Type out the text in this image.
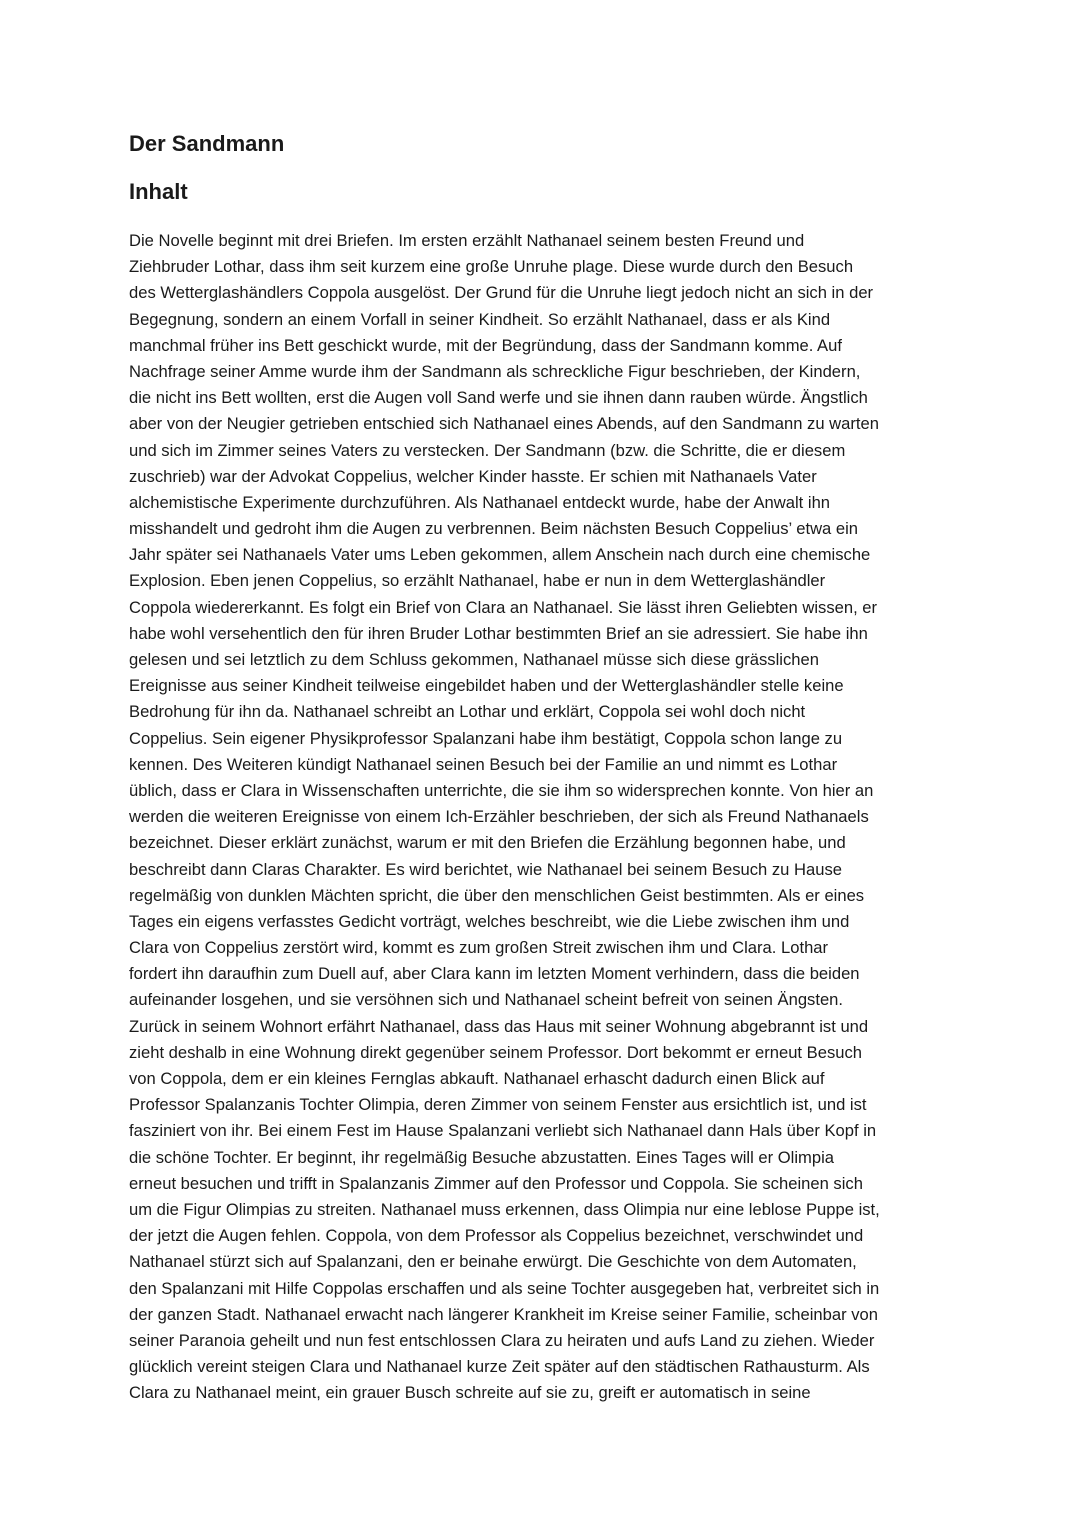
Der Sandmann
Inhalt

Die Novelle beginnt mit drei Briefen. Im ersten erzählt Nathanael seinem besten Freund und
Ziehbruder Lothar, dass ihm seit kurzem eine große Unruhe plage. Diese wurde durch den Besuch
des Wetterglashändlers Coppola ausgelöst. Der Grund für die Unruhe liegt jedoch nicht an sich in der
Begegnung, sondern an einem Vorfall in seiner Kindheit. So erzählt Nathanael, dass er als Kind
manchmal früher ins Bett geschickt wurde, mit der Begründung, dass der Sandmann komme. Auf
Nachfrage seiner Amme wurde ihm der Sandmann als schreckliche Figur beschrieben, der Kindern,
die nicht ins Bett wollten, erst die Augen voll Sand werfe und sie ihnen dann rauben würde. Ängstlich
aber von der Neugier getrieben entschied sich Nathanael eines Abends, auf den Sandmann zu warten
und sich im Zimmer seines Vaters zu verstecken. Der Sandmann (bzw. die Schritte, die er diesem
zuschrieb) war der Advokat Coppelius, welcher Kinder hasste. Er schien mit Nathanaels Vater
alchemistische Experimente durchzuführen. Als Nathanael entdeckt wurde, habe der Anwalt ihn
misshandelt und gedroht ihm die Augen zu verbrennen. Beim nächsten Besuch Coppelius’ etwa ein
Jahr später sei Nathanaels Vater ums Leben gekommen, allem Anschein nach durch eine chemische
Explosion. Eben jenen Coppelius, so erzählt Nathanael, habe er nun in dem Wetterglashändler
Coppola wiedererkannt. Es folgt ein Brief von Clara an Nathanael. Sie lässt ihren Geliebten wissen, er
habe wohl versehentlich den für ihren Bruder Lothar bestimmten Brief an sie adressiert. Sie habe ihn
gelesen und sei letztlich zu dem Schluss gekommen, Nathanael müsse sich diese grässlichen
Ereignisse aus seiner Kindheit teilweise eingebildet haben und der Wetterglashändler stelle keine
Bedrohung für ihn da. Nathanael schreibt an Lothar und erklärt, Coppola sei wohl doch nicht
Coppelius. Sein eigener Physikprofessor Spalanzani habe ihm bestätigt, Coppola schon lange zu
kennen. Des Weiteren kündigt Nathanael seinen Besuch bei der Familie an und nimmt es Lothar
üblich, dass er Clara in Wissenschaften unterrichte, die sie ihm so widersprechen konnte. Von hier an
werden die weiteren Ereignisse von einem Ich-Erzähler beschrieben, der sich als Freund Nathanaels
bezeichnet. Dieser erklärt zunächst, warum er mit den Briefen die Erzählung begonnen habe, und
beschreibt dann Claras Charakter. Es wird berichtet, wie Nathanael bei seinem Besuch zu Hause
regelmäßig von dunklen Mächten spricht, die über den menschlichen Geist bestimmten. Als er eines
Tages ein eigens verfasstes Gedicht vorträgt, welches beschreibt, wie die Liebe zwischen ihm und
Clara von Coppelius zerstört wird, kommt es zum großen Streit zwischen ihm und Clara. Lothar
fordert ihn daraufhin zum Duell auf, aber Clara kann im letzten Moment verhindern, dass die beiden
aufeinander losgehen, und sie versöhnen sich und Nathanael scheint befreit von seinen Ängsten.
Zurück in seinem Wohnort erfährt Nathanael, dass das Haus mit seiner Wohnung abgebrannt ist und
zieht deshalb in eine Wohnung direkt gegenüber seinem Professor. Dort bekommt er erneut Besuch
von Coppola, dem er ein kleines Fernglas abkauft. Nathanael erhascht dadurch einen Blick auf
Professor Spalanzanis Tochter Olimpia, deren Zimmer von seinem Fenster aus ersichtlich ist, und ist
fasziniert von ihr. Bei einem Fest im Hause Spalanzani verliebt sich Nathanael dann Hals über Kopf in
die schöne Tochter. Er beginnt, ihr regelmäßig Besuche abzustatten. Eines Tages will er Olimpia
erneut besuchen und trifft in Spalanzanis Zimmer auf den Professor und Coppola. Sie scheinen sich
um die Figur Olimpias zu streiten. Nathanael muss erkennen, dass Olimpia nur eine leblose Puppe ist,
der jetzt die Augen fehlen. Coppola, von dem Professor als Coppelius bezeichnet, verschwindet und
Nathanael stürzt sich auf Spalanzani, den er beinahe erwürgt. Die Geschichte von dem Automaten,
den Spalanzani mit Hilfe Coppolas erschaffen und als seine Tochter ausgegeben hat, verbreitet sich in
der ganzen Stadt. Nathanael erwacht nach längerer Krankheit im Kreise seiner Familie, scheinbar von
seiner Paranoia geheilt und nun fest entschlossen Clara zu heiraten und aufs Land zu ziehen. Wieder
glücklich vereint steigen Clara und Nathanael kurze Zeit später auf den städtischen Rathausturm. Als
Clara zu Nathanael meint, ein grauer Busch schreite auf sie zu, greift er automatisch in seine
